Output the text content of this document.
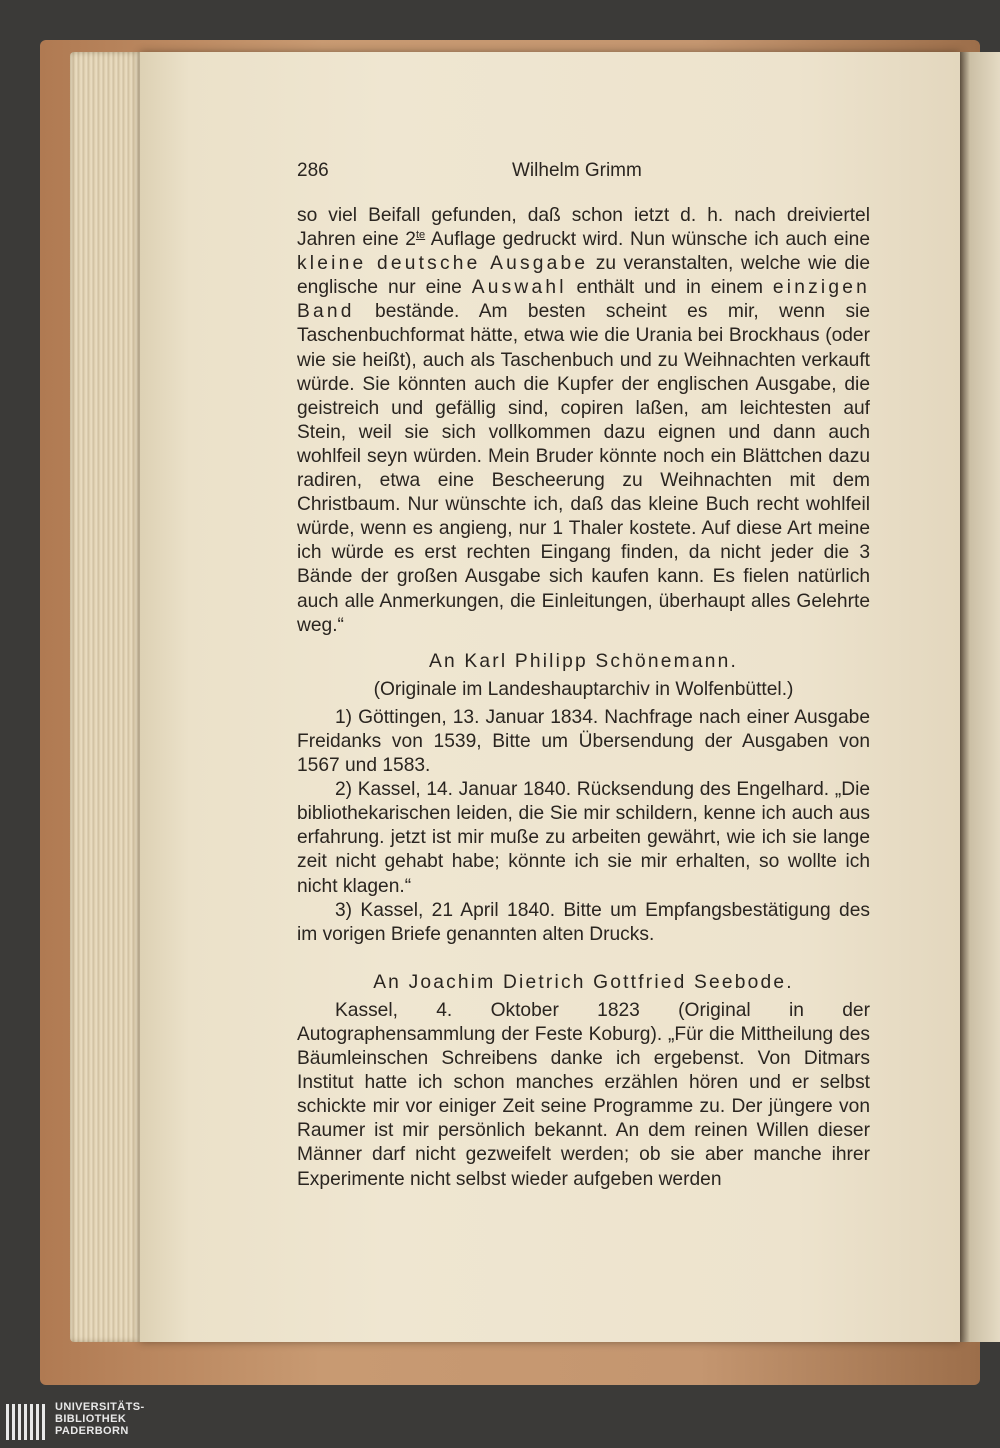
286	Wilhelm Grimm

so viel Beifall gefunden, daß schon ietzt d. h. nach dreiviertel Jahren eine $2^{te}$ Auflage gedruckt wird. Nun wünsche ich auch eine kleine deutsche Ausgabe zu veranstalten, welche wie die englische nur eine Auswahl enthält und in einem einzigen Band bestände. Am besten scheint es mir, wenn sie Taschenbuchformat hätte, etwa wie die Urania bei Brockhaus (oder wie sie heißt), auch als Taschenbuch und zu Weihnachten verkauft würde. Sie könnten auch die Kupfer der englischen Ausgabe, die geistreich und gefällig sind, copiren laßen, am leichtesten auf Stein, weil sie sich vollkommen dazu eignen und dann auch wohlfeil seyn würden. Mein Bruder könnte noch ein Blättchen dazu radiren, etwa eine Bescheerung zu Weihnachten mit dem Christbaum. Nur wünschte ich, daß das kleine Buch recht wohlfeil würde, wenn es angieng, nur 1 Thaler kostete. Auf diese Art meine ich würde es erst rechten Eingang finden, da nicht jeder die 3 Bände der großen Ausgabe sich kaufen kann. Es fielen natürlich auch alle Anmerkungen, die Einleitungen, überhaupt alles Gelehrte weg.“

An Karl Philipp Schönemann.

(Originale im Landeshauptarchiv in Wolfenbüttel.)

1) Göttingen, 13. Januar 1834. Nachfrage nach einer Ausgabe Freidanks von 1539, Bitte um Übersendung der Ausgaben von 1567 und 1583.

2) Kassel, 14. Januar 1840. Rücksendung des Engelhard. „Die bibliothekarischen leiden, die Sie mir schildern, kenne ich auch aus erfahrung. jetzt ist mir muße zu arbeiten gewährt, wie ich sie lange zeit nicht gehabt habe; könnte ich sie mir erhalten, so wollte ich nicht klagen.“

3) Kassel, 21 April 1840. Bitte um Empfangsbestätigung des im vorigen Briefe genannten alten Drucks.

An Joachim Dietrich Gottfried Seebode.

Kassel, 4. Oktober 1823 (Original in der Autographensammlung der Feste Koburg). „Für die Mittheilung des Bäumleinschen Schreibens danke ich ergebenst. Von Ditmars Institut hatte ich schon manches erzählen hören und er selbst schickte mir vor einiger Zeit seine Programme zu. Der jüngere von Raumer ist mir persönlich bekannt. An dem reinen Willen dieser Männer darf nicht gezweifelt werden; ob sie aber manche ihrer Experimente nicht selbst wieder aufgeben werden

UNIVERSITÄTS-
BIBLIOTHEK
PADERBORN
